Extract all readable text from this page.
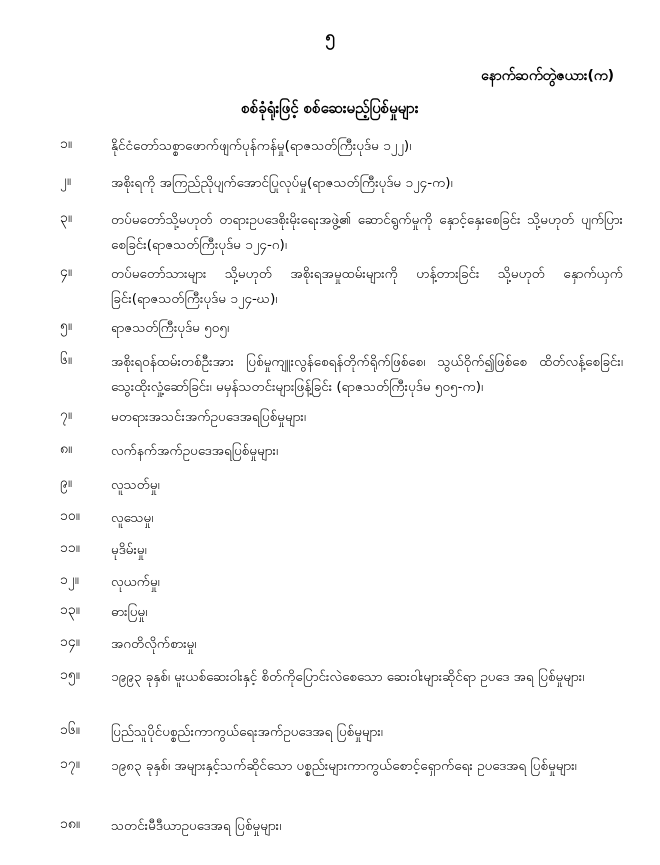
၅
နောက်ဆက်တွဲဇယား(က)
စစ်ခုံရုံးဖြင့် စစ်ဆေးမည့်ပြစ်မှုများ
၁။	နိုင်ငံတော်သစ္စာဖောက်ဖျက်ပုန်ကန်မှု(ရာဇသတ်ကြီးပုဒ်မ ၁၂၂)၊
၂။	အစိုးရကို အကြည်ညိုပျက်အောင်ပြုလုပ်မှု(ရာဇသတ်ကြီးပုဒ်မ ၁၂၄-က)၊
၃။	တပ်မတော်သို့မဟုတ် တရားဥပဒေစိုးမိုးရေးအဖွဲ့၏ ဆောင်ရွက်မှုကို နှောင့်နှေးစေခြင်း သို့မဟုတ် ပျက်ပြားစေခြင်း(ရာဇသတ်ကြီးပုဒ်မ ၁၂၄-ဂ)၊
၄။	တပ်မတော်သားများ သို့မဟုတ် အစိုးရအမှုထမ်းများကို ဟန့်တားခြင်း သို့မဟုတ် နှောက်ယှက်ခြင်း(ရာဇသတ်ကြီးပုဒ်မ ၁၂၄-ဃ)၊
၅။	ရာဇသတ်ကြီးပုဒ်မ ၅၀၅၊
၆။	အစိုးရဝန်ထမ်းတစ်ဦးအား ပြစ်မှုကျူးလွန်စေရန်တိုက်ရိုက်ဖြစ်စေ၊ သွယ်ဝိုက်၍ဖြစ်စေ ထိတ်လန့်စေခြင်း၊ သွေးထိုးလှုံ့ဆော်ခြင်း၊ မမှန်သတင်းများဖြန့်ခြင်း (ရာဇသတ်ကြီးပုဒ်မ ၅၀၅-က)၊
၇။	မတရားအသင်းအက်ဥပဒေအရပြစ်မှုများ၊
၈။	လက်နက်အက်ဥပဒေအရပြစ်မှုများ၊
၉။	လူသတ်မှု၊
၁၀။ လူသေမှု၊
၁၁။ မုဒိမ်းမှု၊
၁၂။ လုယက်မှု၊
၁၃။ ဓားပြမှု၊
၁၄။ အဂတိလိုက်စားမှု၊
၁၅။ ၁၉၉၃ ခုနှစ်၊ မူးယစ်ဆေးဝါးနှင့် စိတ်ကိုပြောင်းလဲစေသော ဆေးဝါးများဆိုင်ရာ ဥပဒေ အရ ပြစ်မှုများ၊
၁၆။ ပြည်သူပိုင်ပစ္စည်းကာကွယ်ရေးအက်ဥပဒေအရ ပြစ်မှုများ၊
၁၇။ ၁၉၈၃ ခုနှစ်၊ အများနှင့်သက်ဆိုင်သော ပစ္စည်းများကာကွယ်စောင့်ရှောက်ရေး ဥပဒေအရ ပြစ်မှုများ၊
၁၈။ သတင်းမီဒီယာဥပဒေအရ ပြစ်မှုများ၊
